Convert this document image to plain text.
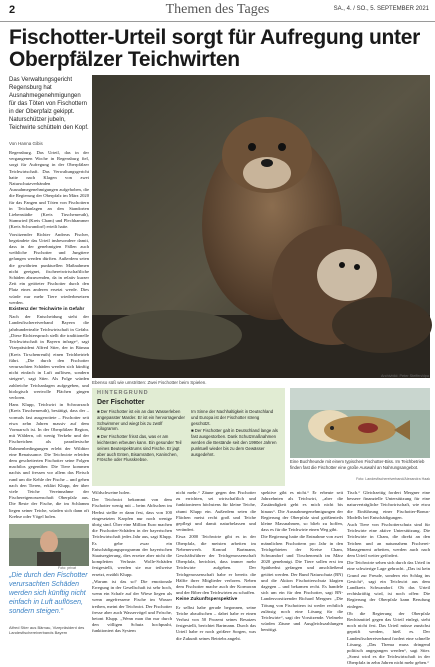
2	Themen des Tages	SA., 4. / SO., 5. SEPTEMBER 2021
Fischotter-Urteil sorgt für Aufregung unter Oberpfälzer Teichwirten
Das Verwaltungsgericht Regensburg hat Ausnahmegenehmigungen für das Töten von Fischottern in der Oberpfalz gekippt. Naturschützer jubeln, Teichwirte schütteln den Kopf.
Von Hanna Gibis

Regensburg. Das Urteil, das in der vergangenen Woche in Regensburg fiel, sorgt für Aufregung in der Oberpfälzer Teichwirtschaft. Das Verwaltungsgericht hatte nach Klagen von zwei Naturschutzverbänden Ausnahmegenehmigungen aufgehoben, die die Regierung der Oberpfalz im März 2020 für das Fangen und Töten von Fischottern in Teichanlagen an den Standorten Liebenstädte (Kreis Tirschenreuth), Stamsried (Kreis Cham) und Plechhammer (Kreis Schwandorf) erteilt hatte.

Vorsitzender Richter Andreas Fischer, begründete das Urteil insbesondere damit, dass in der genehmigten Fällen auch weibliche Fischotter und Jungtiere gefangen werden dürften. Außerdem seien die gewährten punktuellen Maßnahmen nicht geeignet, fischereiwirtschaftliche Schäden abzuwenden, da in relativ kurzer Zeit ein getöteter Fischotter durch den Platz eines anderen ersetzt werde. Dies würde nur mehr Tiere wiederbesetzen werden.

Existenz der Teichwirte in Gefahr

Nach der Entscheidung sieht der Landesfischereiverband Bayern die jahrhundertealte Teichwirtschaft in Gefahr. „Diese Richterspruch stellt die traditionelle Teichwirtschaft in Bayern infrage“, sagt Vizepräsident Alfred Stier, der in Bärnau (Kreis Tirschenreuth) einen Teichbetrieb führt. „Die durch den Fischotter verursachten Schäden werden sich künftig nicht einfach in Luft auflösen, sondern steigen“, sagt Stier. Als Folge würden zahlreiche Teichanlagen aufgegeben, und biologisch wertvolle Flächen gingen verloren.

Hans Klupp, Teichwirt in Schwarzach (Kreis Tirschenreuth), bestätigt, dass der – vormals fast ausgerottete – Fischotter seit etwa zehn Jahren massiv auf dem Vormarsch ist. In der Oberpfälzer Region, mit Wäldern, oft wenig Verkehr und der Fischreichen als paradiesische Rahmenbedingungen erlebt der Wildtier eine Renaissance. Die Teichwirte erleiden dem gescheiterten Fischotter seine Folgen machtlos gegenüber. Die Tiere kommen nachts und fressen vor allem das Fleisch rund um die Kehle der Fische – und gehen nach den Tieren, erklärt Klupp, der über viele Teiche Vereinnahme der Fischereigenossenschaft Oberpfalz aus. Die Reste der Fische, die im Schlamm liegen seiner Teiche, würden sich dann oft Krebse oder Vögel holen.

Archivbild: Peter Steffen/dpa
Ebenso süß wie umstritten: Zwei Fischotter beim Spielen.
HINTERGRUND
Der Fischotter

■ Der Fischotter ist ein an das Wasserleben angepasster Marder. Er ist ein hervorragender Schwimmer und wiegt bis zu zwölf Kilogramm.

■ Der Fischotter frisst das, was er am leichtesten erbeuten kann. Ein gesunder Teil seines Beutespektrums sind Fische. Er jagt aber auch Enten, Bisamratten, Kaninchen, Frösche oder Flusskrebse.

Im Sinne der Nachhaltigkeit in Deutschland und Europa ist der Fischotter streng geschützt.

■ Der Fischotter galt in Deutschland lange als fast ausgestorben. Dank Schutzmaßnahmen werden die Bestände seit den 1990er Jahren punktuell wieder bis zu dem Gewässer ausgedehnt.

Eine Buchfreunde mit einem typischen Fischotter-Biss. Im Teichbetrieb finden fast die Fischotter eine große Auswahl an Nahrungsangebot.
Foto: Landesfischereiverband/Alexandra Haak

Wildschweine holen.

Der Teichwirt bekommt von dem Fischotter wenig mit – beim Abfischen im Herbst stellte er dann fest, dass von 100 eingesetzten Karpfen nur noch wenige übrig sind. Über eine Million Euro machen die Fischotter-Schäden in der bayerischen Teichwirtschaft jedes Jahr aus, sagt Klupp. Es gebe zwar ein Entschädigungsprogramm der bayerischen Staatsregierung, dies ersetze aber nicht die kompletten Verluste. Wolle-Schäden festgestellt, werden sie nur teilweise ersetzt, erzählt Klupp.

„Warum ist das so? Die emotionale Erregung in der Gesellschaft ist sehr hoch, wenn ein Schafe auf der Wiese liegen als wenn angefressene Fische im Wasser treiben, meint der Teichwirt. Der Fischotter fresse aber auch Wasservögel und Frösche, betont Klupp. „Wenn man ihn nur durch den völligen Schutz hochpusht, funktioniert das System

nicht mehr.“ Zäune gegen den Fischotter zu errichten, sei wirtschaftlich und funktionieren höchstens für kleine Teiche, räumt Klupp ein. Außerdem seien die Flächen meist recht groß und Teiche gepflegt und damit naturbelassen und verändert.

Etwa 2000 Teichwirte gibt es in der Oberpfalz, die meisten arbeiten im Nebenerwerb. Konrad Bartmann, Geschäftsführer der Teichgenossenschaft Oberpfalz, berichtet, dass immer mehr Teichwirte aufgeben. Der Teichgenossenschaft habe er bereits die Hälfte ihrer Mitglieder verloren. Neben dem Fischotter mache auch der Kormoran und der Biber den Teichwirten zu schaffen.

Keine Zukunftsperspektive

Er selbst habe gerade begonnen, seine Teiche abzufischen – dabei habe er einen Verlust von 50 Prozent seines Besatzes festgestellt, berichtet Bartmann. Durch das Urteil habe er noch größere Sorgen, was die Zukunft seines Betriebs angeht.

spektive gibt es nicht.“ Er erbeute seit Jahrzehnten als Teichwirt, „aber die Zuständigkeit geht es mich nicht bis hinaus“. Die Ausnahmegenehmigungen der Regierung der Oberpfalz sind größtenteils kleine Massnahmen, so blieb zu hoffen, dass es für die Teichwirte einen Weg gibt.

Die Regierung hatte die Entnahme von zwei männlichen Fischottern pro Jahr in den Teichgebieten der Kreise Cham, Schwandorf und Tirschenreuth im März 2020 genehmigt. Die Tiere sollen erst im Spätherbst gefangen und anschließend getötet werden. Der Bund Naturschutz (BN) und die Aktion Fischotterschutz klagten dagegen – und bekamen recht. Es handele sich um ein für den Fischotter, sagt BN-Landesvorsitzender Richard Mergner. „Die Tötung von Fischottern ist weder rechtlich zulässig noch eine Lösung für die Teichwirte“, sagt der Vorsitzende. Vielmehr würden Zäune und Ausgleichszahlungen benötigt.

Tisch.“ Gleichzeitig fordert Mergner eine bessere finanzielle Unterstützung für eine naturverträgliche Teichwirtschaft, wie etwa die Einführung einer Fischotter-Bonus-Modells bei Entschädigungen.

Auch Tiere von Fischotterschutz sind für Teichwirte eine aktive Unterstützung. Die Teichwirte in Cham, die direkt an den Teichen und an naturnahem Fischerei-Management arbeiten, werden auch nach dem Urteil weiter gefördert.

Die Teichwirte sehen sich durch das Urteil in eine schwierige Lage gebracht. „Das ist kein Grund zur Freude, sondern ein Schlag ins Gesicht“, sagt ein Teichwirt aus dem Landkreis Schwandorf. Ob das Urteil rechtskräftig wird, ist noch offen: Die Regierung der Oberpfalz kann Berufung einlegen.

Ob die Regierung der Oberpfalz Rechtsmittel gegen das Urteil einlegt, steht noch nicht fest. Das Urteil müsse zunächst geprüft werden, hieß es. Der Landesfischereiverband fordert eine schnelle Lösung. „Das Thema muss dringend politisch angegangen werden“, sagt Stier. „Sonst wird es die Teichwirtschaft in der Oberpfalz in zehn Jahren nicht mehr geben.“

Foto: privat
„Die durch den Fischotter verursachten Schäden werden sich künftig nicht einfach in Luft auflösen, sondern steigen.“
Alfred Stier aus Bärnau, Vizepräsident des Landesfischereiverbands Bayern
